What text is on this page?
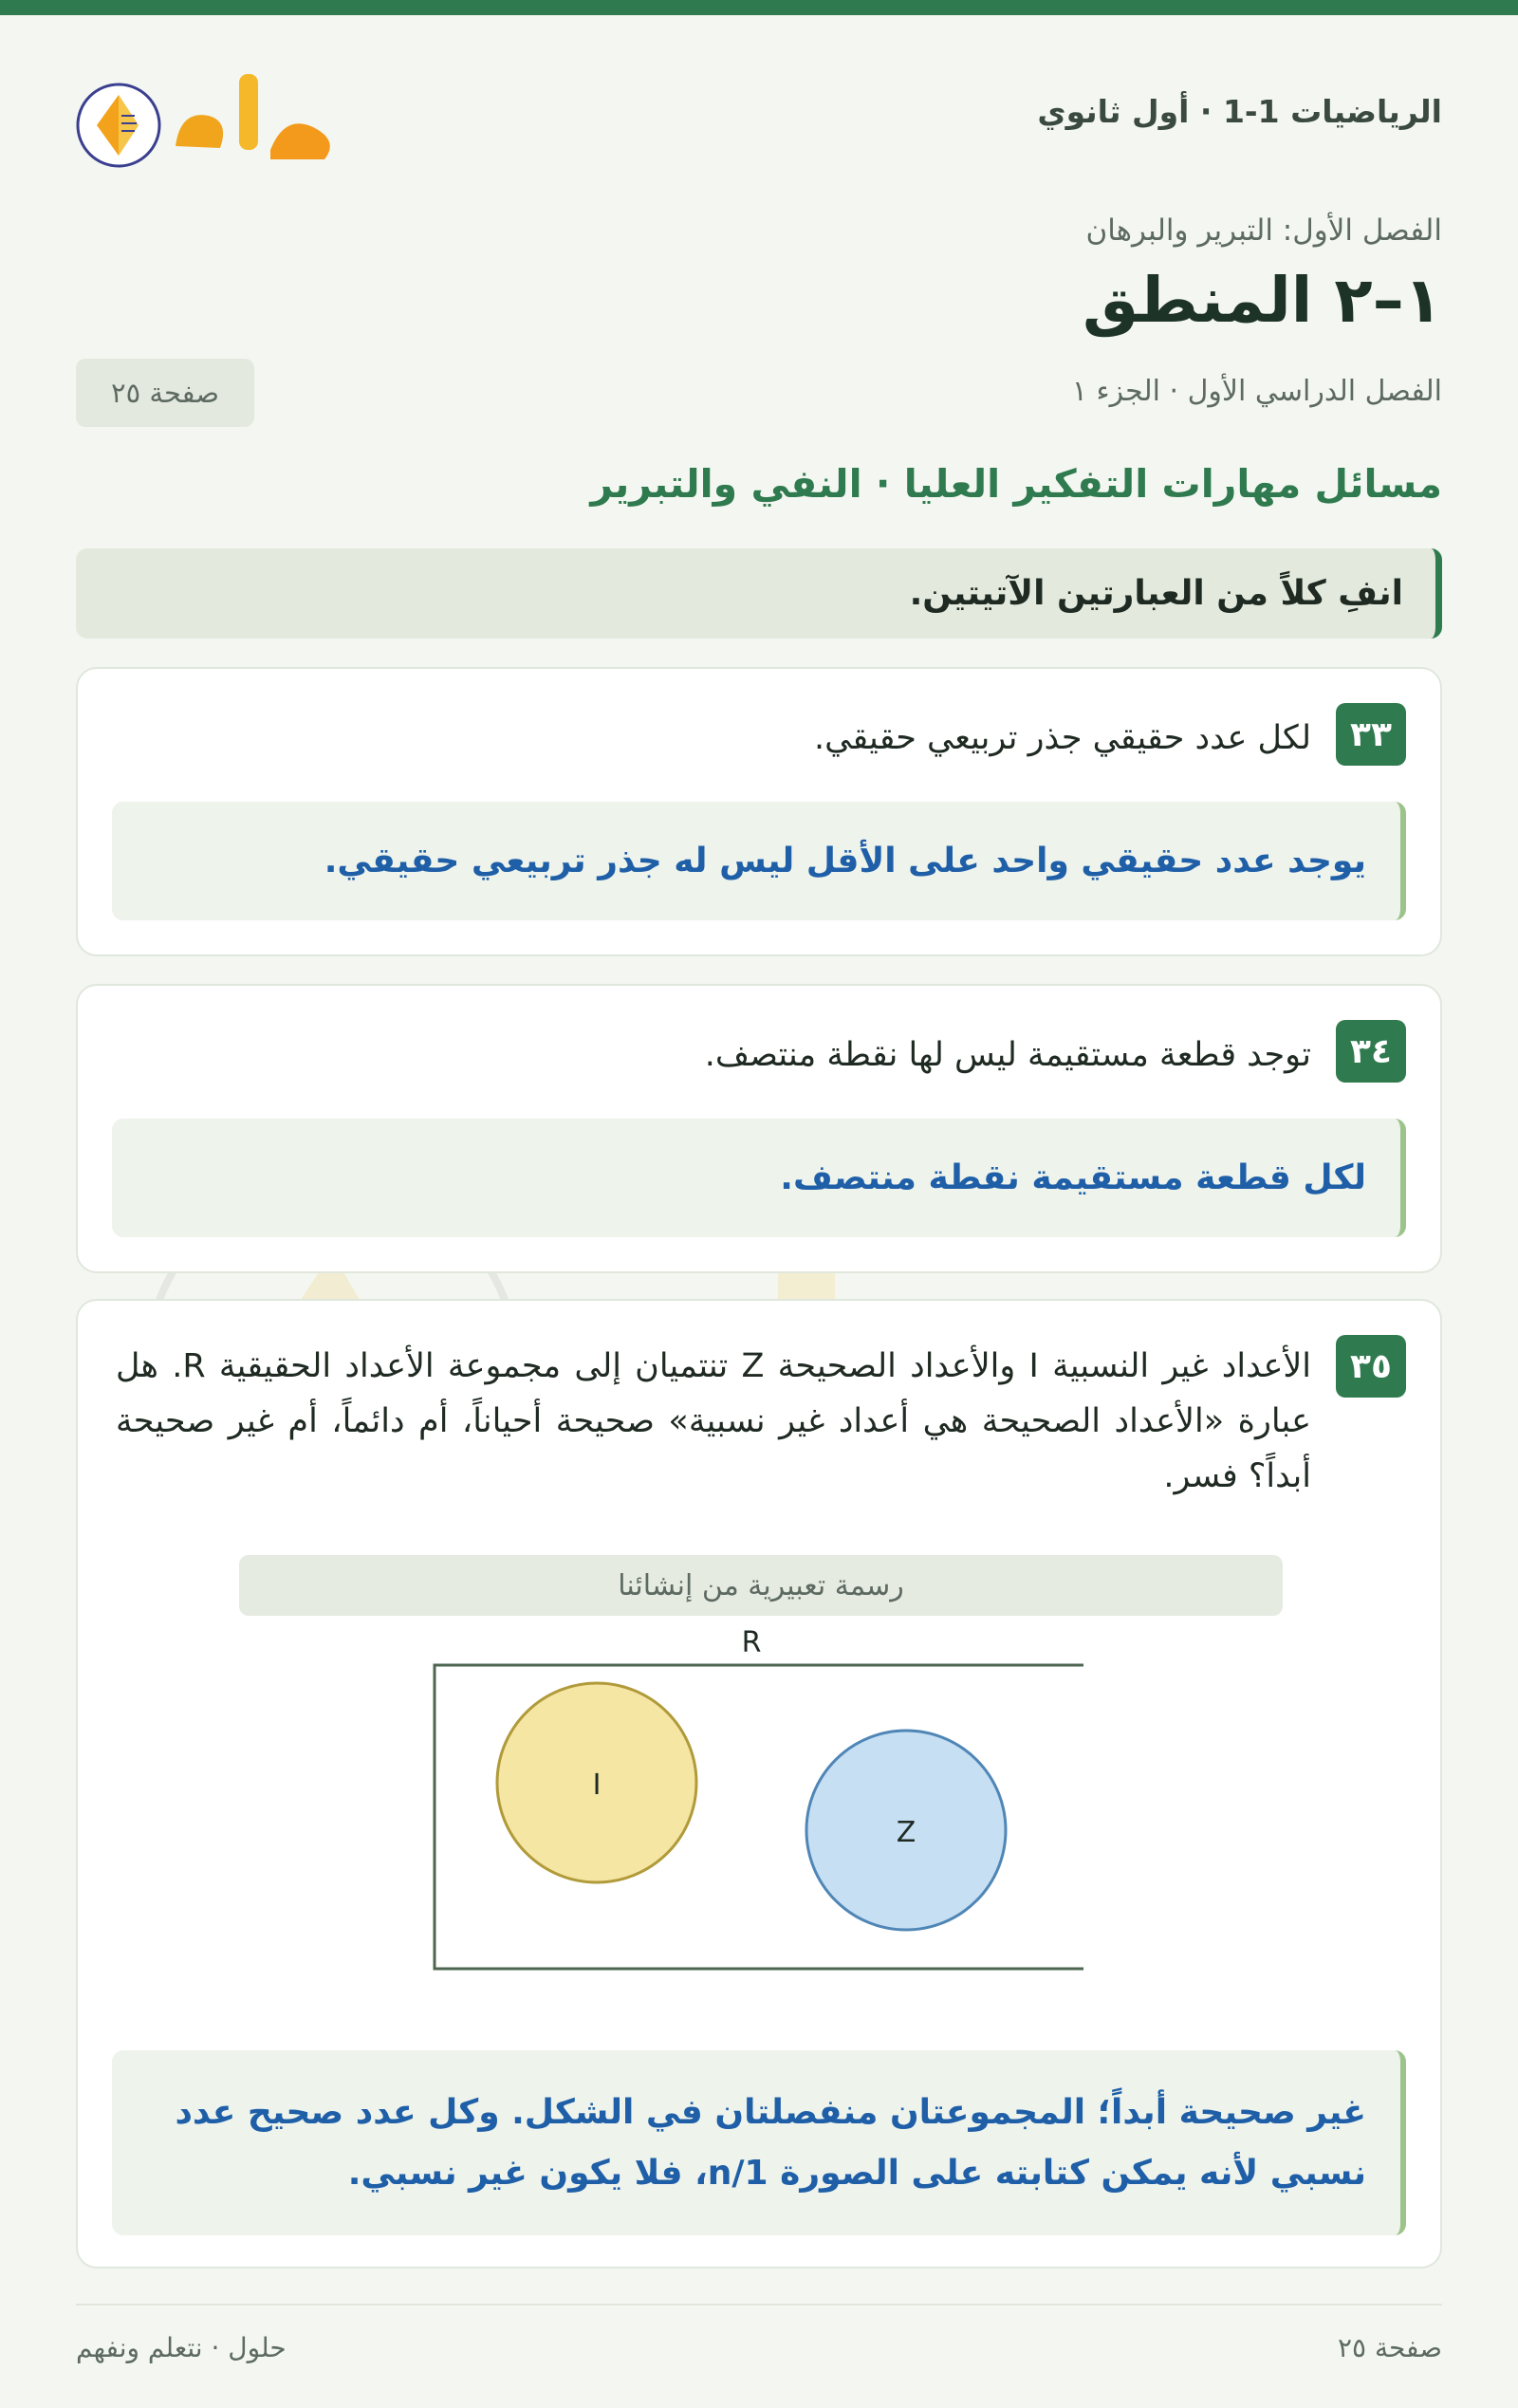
الرياضيات 1-1 · أول ثانوي
الفصل الأول: التبرير والبرهان
١–٢ المنطق
الفصل الدراسي الأول · الجزء ١
صفحة ٢٥
مسائل مهارات التفكير العليا · النفي والتبرير
انفِ كلاً من العبارتين الآتيتين.
٣٣
لكل عدد حقيقي جذر تربيعي حقيقي.
يوجد عدد حقيقي واحد على الأقل ليس له جذر تربيعي حقيقي.
٣٤
توجد قطعة مستقيمة ليس لها نقطة منتصف.
لكل قطعة مستقيمة نقطة منتصف.
٣٥
الأعداد غير النسبية I والأعداد الصحيحة Z تنتميان إلى مجموعة الأعداد الحقيقية R. هل عبارة «الأعداد الصحيحة هي أعداد غير نسبية» صحيحة أحياناً، أم دائماً، أم غير صحيحة أبداً؟ فسر.
رسمة تعبيرية من إنشائنا
R
I
Z
غير صحيحة أبداً؛ المجموعتان منفصلتان في الشكل. وكل عدد صحيح عدد نسبي لأنه يمكن كتابته على الصورة n/1، فلا يكون غير نسبي.
صفحة ٢٥
حلول · نتعلم ونفهم
